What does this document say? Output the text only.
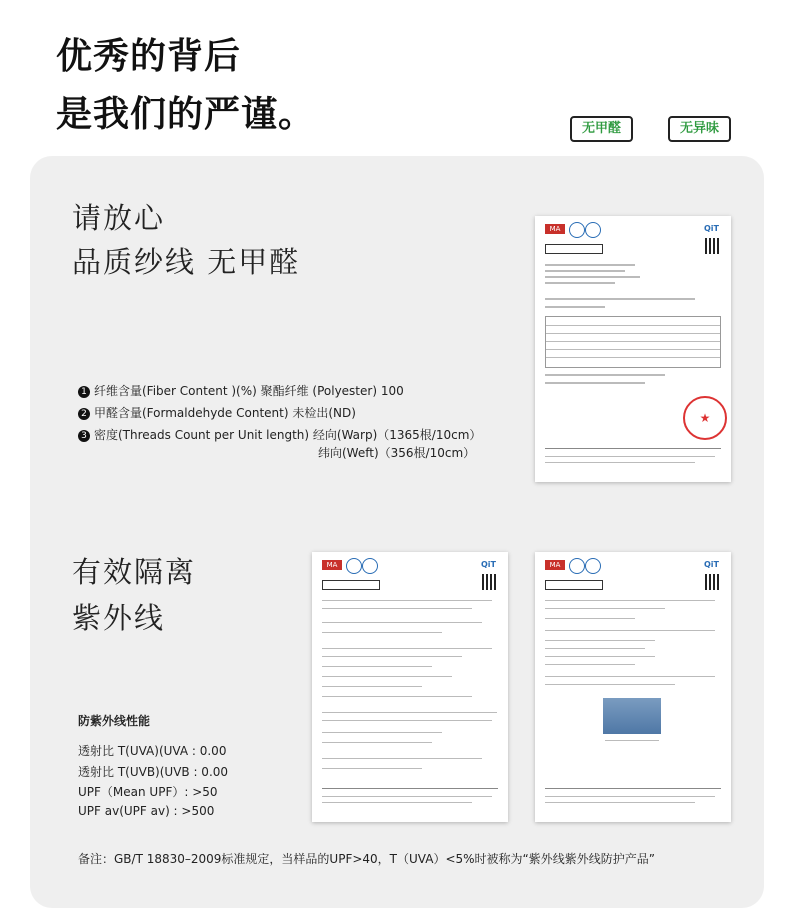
优秀的背后
是我们的严谨。	无甲醛	无异味
请放心
品质纱线 无甲醛
1 纤维含量(Fiber Content )(%) 聚酯纤维 (Polyester) 100
2 甲醛含量(Formaldehyde Content) 未检出(ND)
3 密度(Threads Count per Unit length) 经向(Warp)（1365根/10cm）
纬向(Weft)（356根/10cm）
MA	QiT
★
有效隔离
紫外线
防紫外线性能
透射比 T(UVA)(UVA : 0.00
透射比 T(UVB)(UVB : 0.00
UPF（Mean UPF）: >50
UPF av(UPF av) : >500
MA	QiT	MA	QiT
备注：GB/T 18830–2009标准规定，当样品的UPF>40，T（UVA）<5%时被称为“紫外线紫外线防护产品”
